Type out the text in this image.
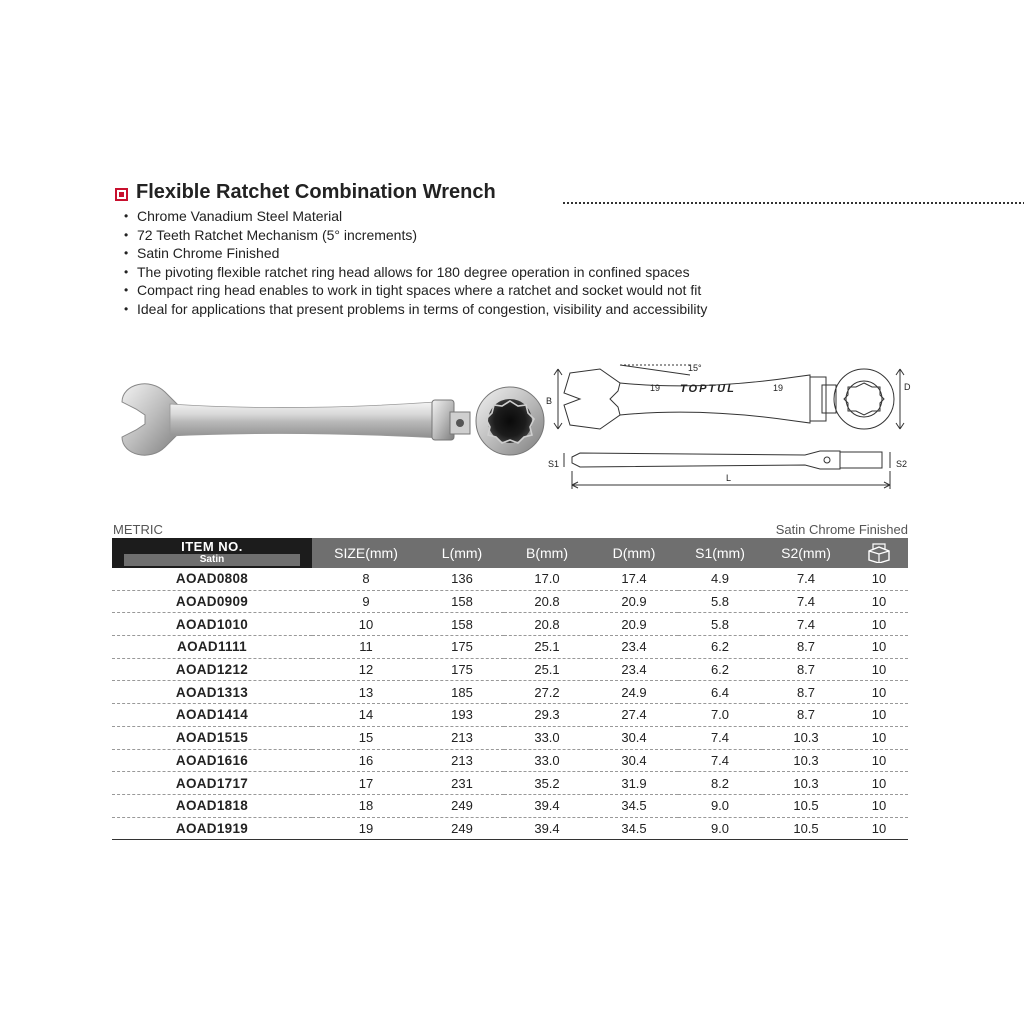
Flexible Ratchet Combination Wrench
• Chrome Vanadium Steel Material
• 72 Teeth Ratchet Mechanism (5° increments)
• Satin Chrome Finished
• The pivoting flexible ratchet ring head allows for 180 degree operation in confined spaces
• Compact ring head enables to work in tight spaces where a ratchet and socket would not fit
• Ideal for applications that present problems in terms of congestion, visibility and accessibility
15°
19	19
B
D
S1	S2
L
TOPTUL
METRIC	Satin Chrome Finished
ITEM NO.
Satin	SIZE(mm)	L(mm)	B(mm)	D(mm)	S1(mm)	S2(mm)	
AOAD0808	8	136	17.0	17.4	4.9	7.4	10
AOAD0909	9	158	20.8	20.9	5.8	7.4	10
AOAD1010	10	158	20.8	20.9	5.8	7.4	10
AOAD1111	11	175	25.1	23.4	6.2	8.7	10
AOAD1212	12	175	25.1	23.4	6.2	8.7	10
AOAD1313	13	185	27.2	24.9	6.4	8.7	10
AOAD1414	14	193	29.3	27.4	7.0	8.7	10
AOAD1515	15	213	33.0	30.4	7.4	10.3	10
AOAD1616	16	213	33.0	30.4	7.4	10.3	10
AOAD1717	17	231	35.2	31.9	8.2	10.3	10
AOAD1818	18	249	39.4	34.5	9.0	10.5	10
AOAD1919	19	249	39.4	34.5	9.0	10.5	10
